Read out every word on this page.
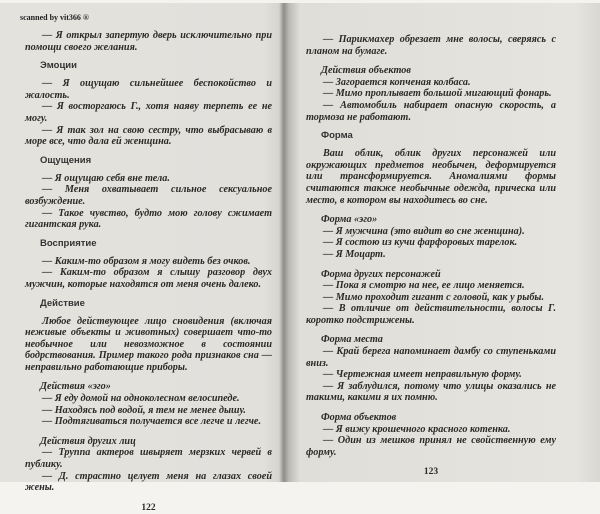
scanned by vit366 ®

— Я открыл запертую дверь исключительно при помощи своего желания.

Эмоции

— Я ощущаю сильнейшее беспокойство и жалость.

— Я восторгаюсь Г., хотя наяву терпеть ее не могу.

— Я так зол на свою сестру, что выбрасываю в море все, что дала ей женщина.

Ощущения

— Я ощущаю себя вне тела.

— Меня охватывает сильное сексуальное возбуждение.

— Такое чувство, будто мою голову сжимает гигантская рука.

Восприятие

— Каким-то образом я могу видеть без очков.

— Каким-то образом я слышу разговор двух мужчин, которые находятся от меня очень далеко.

Действие

Любое действующее лицо сновидения (включая неживые объекты и животных) совершает что-то необычное или невозможное в состоянии бодрствования. Пример такого рода признаков сна — неправильно работающие приборы.

Действия «эго»

— Я еду домой на одноколесном велосипеде.

— Находясь под водой, я тем не менее дышу.

— Подтягиваться получается все легче и легче.

Действия других лиц

— Труппа актеров швыряет мерзких червей в публику.

— Д. страстно целует меня на глазах своей жены.

122

— Парикмахер обрезает мне волосы, сверяясь с планом на бумаге.

Действия объектов

— Загорается копченая колбаса.

— Мимо проплывает большой мигающий фонарь.

— Автомобиль набирает опасную скорость, а тормоза не работают.

Форма

Ваш облик, облик других персонажей или окружающих предметов необычен, деформируется или трансформируется. Аномалиями формы считаются также необычные одежда, прическа или место, в котором вы находитесь во сне.

Форма «эго»

— Я мужчина (это видит во сне женщина).

— Я состою из кучи фарфоровых тарелок.

— Я Моцарт.

Форма других персонажей

— Пока я смотрю на нее, ее лицо меняется.

— Мимо проходит гигант с головой, как у рыбы.

— В отличие от действительности, волосы Г. коротко подстрижены.

Форма места

— Край берега напоминает дамбу со ступеньками вниз.

— Чертежная имеет неправильную форму.

— Я заблудился, потому что улицы оказались не такими, какими я их помню.

Форма объектов

— Я вижу крошечного красного котенка.

— Один из мешков принял не свойственную ему форму.

123
